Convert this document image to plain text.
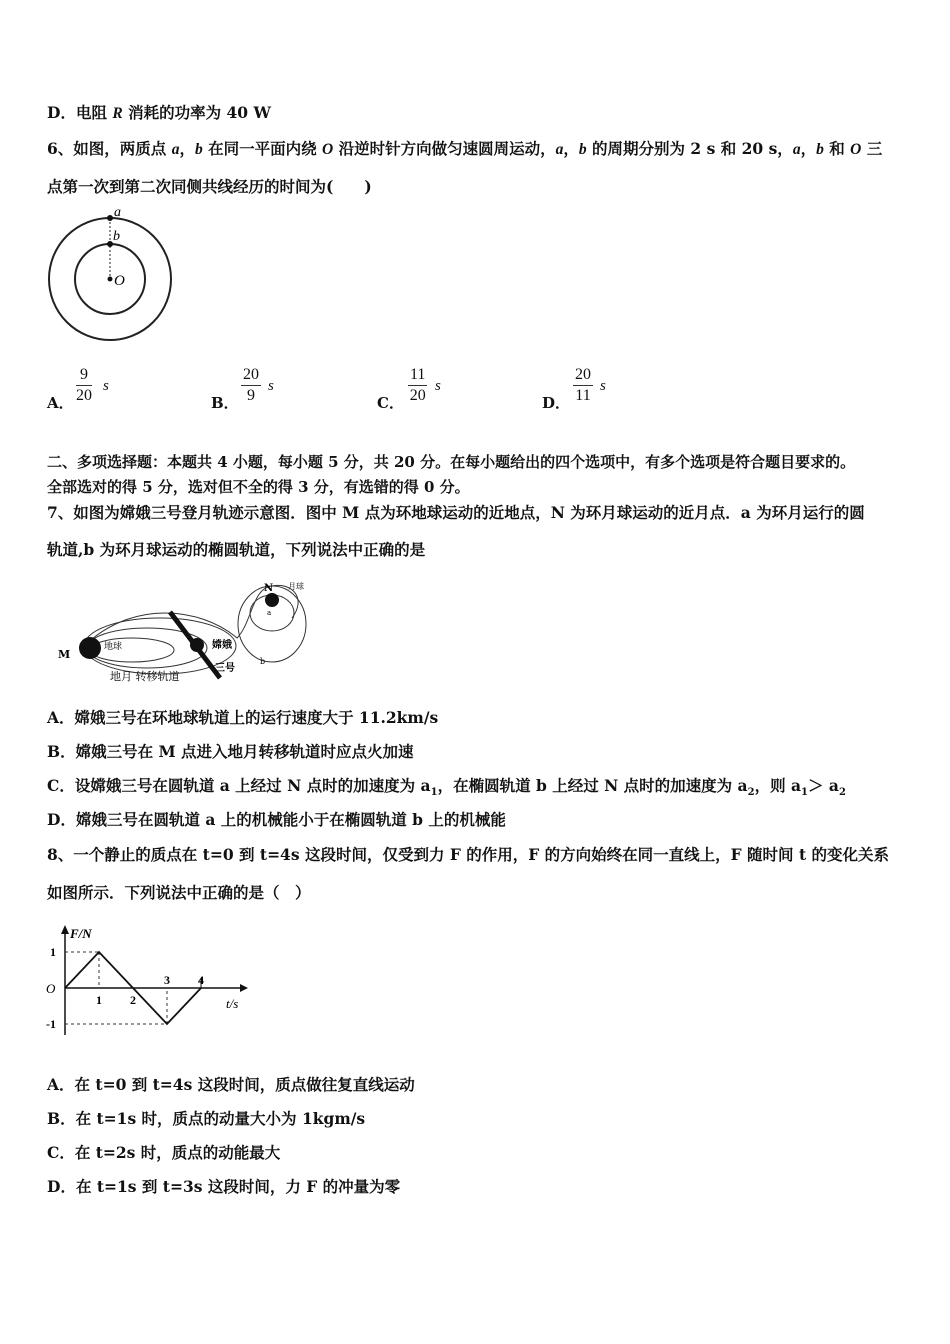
D．电阻 R 消耗的功率为 40 W
6、如图，两质点 a，b 在同一平面内绕 O 沿逆时针方向做匀速圆周运动，a，b 的周期分别为 2 s 和 20 s，a，b 和 O 三
点第一次到第二次同侧共线经历的时间为(　　)
a
b
O
A． $\frac{9}{20}$ s
B． $\frac{20}{9}$ s
C． $\frac{11}{20}$ s
D． $\frac{20}{11}$ s
二、多项选择题：本题共 4 小题，每小题 5 分，共 20 分。在每小题给出的四个选项中，有多个选项是符合题目要求的。
全部选对的得 5 分，选对但不全的得 3 分，有选错的得 0 分。
7、如图为嫦娥三号登月轨迹示意图．图中 M 点为环地球运动的近地点，N 为环月球运动的近月点．a 为环月运行的圆
轨道,b 为环月球运动的椭圆轨道，下列说法中正确的是
M
地球
N 月球
a
b
嫦娥
三号
地月 转移轨道
A．嫦娥三号在环地球轨道上的运行速度大于 11.2km/s
B．嫦娥三号在 M 点进入地月转移轨道时应点火加速
C．设嫦娥三号在圆轨道 a 上经过 N 点时的加速度为 $a_1$，在椭圆轨道 b 上经过 N 点时的加速度为 $a_2$，则 $a_1> a_2$
D．嫦娥三号在圆轨道 a 上的机械能小于在椭圆轨道 b 上的机械能
8、一个静止的质点在 t=0 到 t=4s 这段时间，仅受到力 F 的作用，F 的方向始终在同一直线上，F 随时间 t 的变化关系
如图所示．下列说法中正确的是（　）
F/N
t/s
O
1 2
3 4
1
-1
A．在 t=0 到 t=4s 这段时间，质点做往复直线运动
B．在 t=1s 时，质点的动量大小为 1kgm/s
C．在 t=2s 时，质点的动能最大
D．在 t=1s 到 t=3s 这段时间，力 F 的冲量为零
